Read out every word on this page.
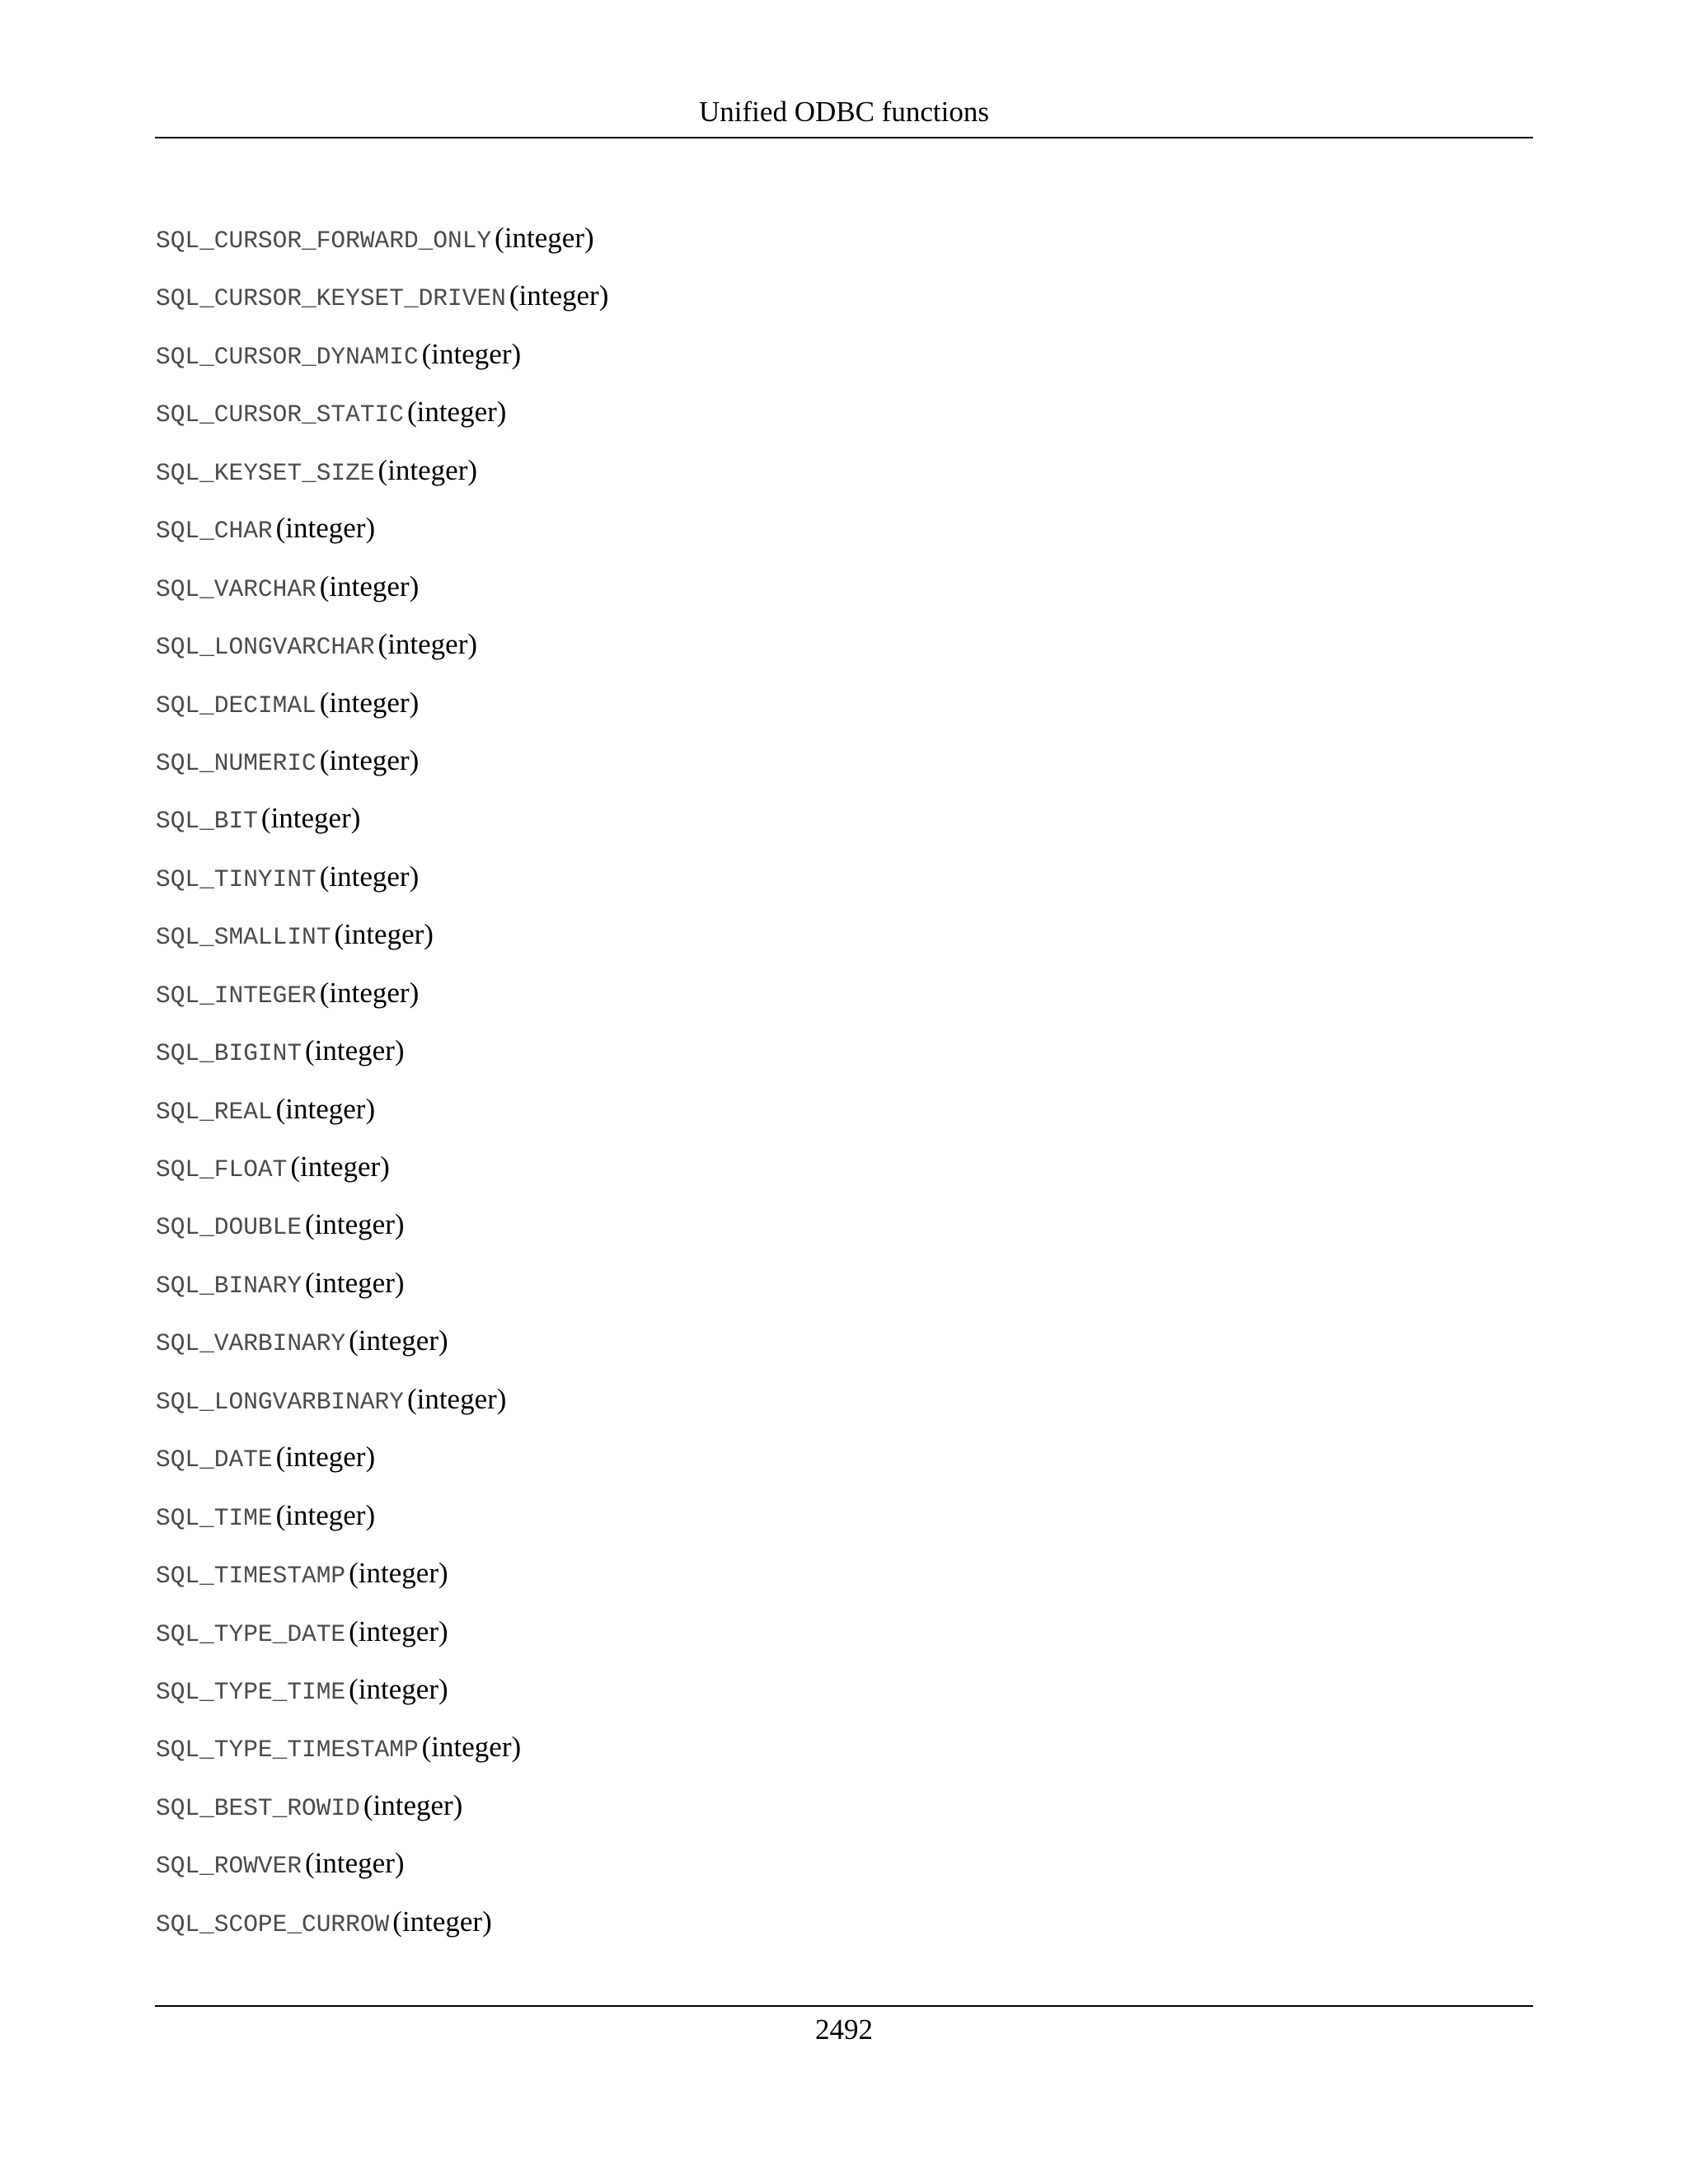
Unified ODBC functions
SQL_CURSOR_FORWARD_ONLY (integer)
SQL_CURSOR_KEYSET_DRIVEN (integer)
SQL_CURSOR_DYNAMIC (integer)
SQL_CURSOR_STATIC (integer)
SQL_KEYSET_SIZE (integer)
SQL_CHAR (integer)
SQL_VARCHAR (integer)
SQL_LONGVARCHAR (integer)
SQL_DECIMAL (integer)
SQL_NUMERIC (integer)
SQL_BIT (integer)
SQL_TINYINT (integer)
SQL_SMALLINT (integer)
SQL_INTEGER (integer)
SQL_BIGINT (integer)
SQL_REAL (integer)
SQL_FLOAT (integer)
SQL_DOUBLE (integer)
SQL_BINARY (integer)
SQL_VARBINARY (integer)
SQL_LONGVARBINARY (integer)
SQL_DATE (integer)
SQL_TIME (integer)
SQL_TIMESTAMP (integer)
SQL_TYPE_DATE (integer)
SQL_TYPE_TIME (integer)
SQL_TYPE_TIMESTAMP (integer)
SQL_BEST_ROWID (integer)
SQL_ROWVER (integer)
SQL_SCOPE_CURROW (integer)
2492
